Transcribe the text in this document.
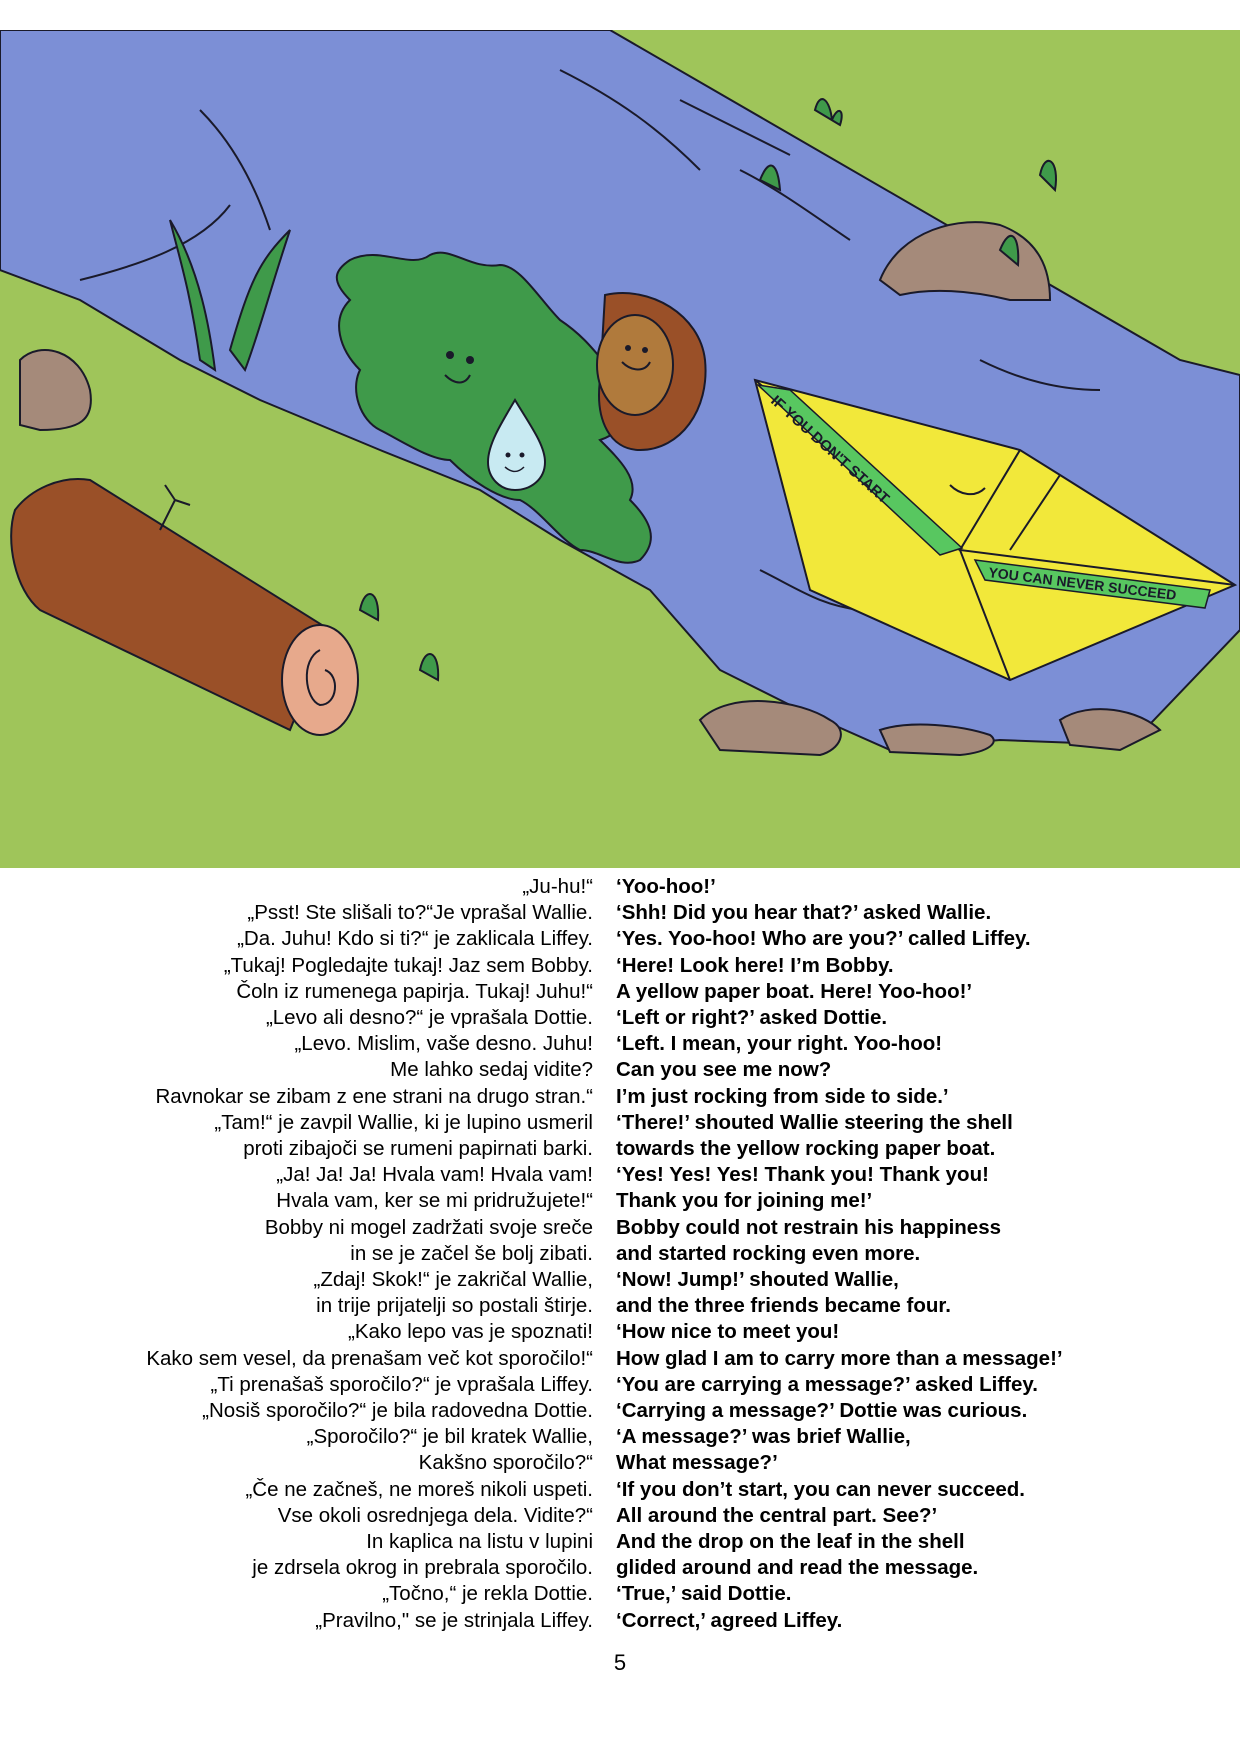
IF YOU DON'T START
YOU CAN NEVER SUCCEED
„Ju-hu!“ ‘Yoo-hoo!’
„Psst! Ste slišali to?“Je vprašal Wallie. ‘Shh! Did you hear that?’ asked Wallie.
„Da. Juhu! Kdo si ti?“ je zaklicala Liffey. ‘Yes. Yoo-hoo! Who are you?’ called Liffey.
„Tukaj! Pogledajte tukaj! Jaz sem Bobby. ‘Here! Look here! I’m Bobby.
Čoln iz rumenega papirja. Tukaj! Juhu!“ A yellow paper boat. Here! Yoo-hoo!’
„Levo ali desno?“ je vprašala Dottie. ‘Left or right?’ asked Dottie.
„Levo. Mislim, vaše desno. Juhu! ‘Left. I mean, your right. Yoo-hoo!
Me lahko sedaj vidite? Can you see me now?
Ravnokar se zibam z ene strani na drugo stran.“ I’m just rocking from side to side.’
„Tam!“ je zavpil Wallie, ki je lupino usmeril ‘There!’ shouted Wallie steering the shell
proti zibajoči se rumeni papirnati barki. towards the yellow rocking paper boat.
„Ja! Ja! Ja! Hvala vam! Hvala vam! ‘Yes! Yes! Yes! Thank you! Thank you!
Hvala vam, ker se mi pridružujete!“ Thank you for joining me!’
Bobby ni mogel zadržati svoje sreče Bobby could not restrain his happiness
in se je začel še bolj zibati. and started rocking even more.
„Zdaj! Skok!“ je zakričal Wallie, ‘Now! Jump!’ shouted Wallie,
in trije prijatelji so postali štirje. and the three friends became four.
„Kako lepo vas je spoznati! ‘How nice to meet you!
Kako sem vesel, da prenašam več kot sporočilo!“ How glad I am to carry more than a message!’
„Ti prenašaš sporočilo?“ je vprašala Liffey. ‘You are carrying a message?’ asked Liffey.
„Nosiš sporočilo?“ je bila radovedna Dottie. ‘Carrying a message?’ Dottie was curious.
„Sporočilo?“ je bil kratek Wallie, ‘A message?’ was brief Wallie,
Kakšno sporočilo?“ What message?’
„Če ne začneš, ne moreš nikoli uspeti. ‘If you don’t start, you can never succeed.
Vse okoli osrednjega dela. Vidite?“ All around the central part. See?’
In kaplica na listu v lupini And the drop on the leaf in the shell
je zdrsela okrog in prebrala sporočilo. glided around and read the message.
„Točno,“ je rekla Dottie. ‘True,’ said Dottie.
„Pravilno," se je strinjala Liffey. ‘Correct,’ agreed Liffey.
5
